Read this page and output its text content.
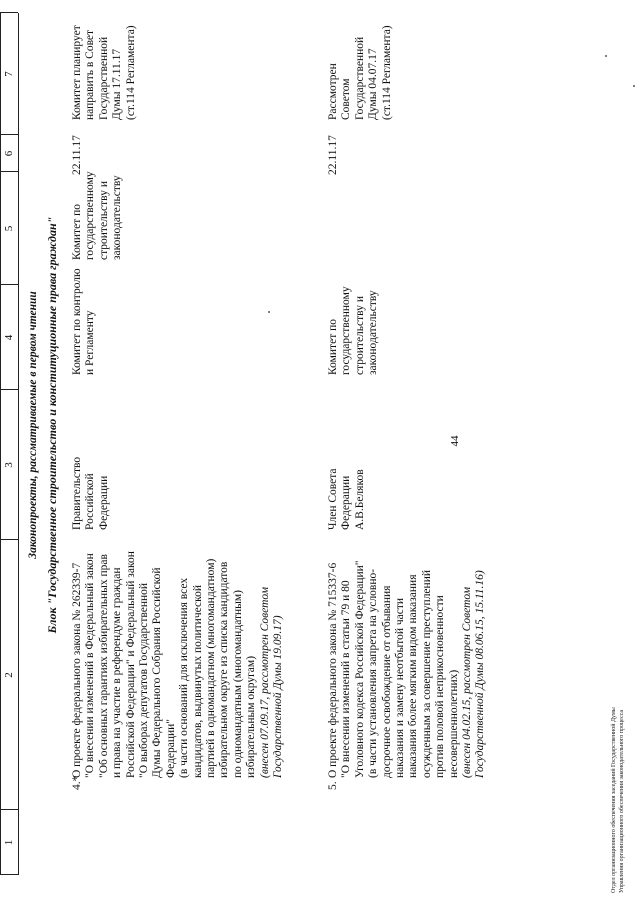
44
1
2
3
4
5
6
7
Законопроекты, рассматриваемые в первом чтении Блок "Государственное строительство и конституционные права граждан"
4.*
О проекте федерального закона № 262339-7 "О внесении изменений в Федеральный закон "Об основных гарантиях избирательных прав и права на участие в референдуме граждан Российской Федерации" и Федеральный закон "О выборах депутатов Государственной Думы Федерального Собрания Российской Федерации" (в части оснований для исключения всех кандидатов, выдвинутых политической партией в одномандатном (многомандатном) избирательном округе из списка кандидатов по одномандатным (многомандатным) избирательным округам) (внесен 07.09.17, рассмотрен Советом Государственной Думы 19.09.17)
Правительство Российской Федерации
Комитет по контролю и Регламенту
Комитет по государственному строительству и законодательству
22.11.17
Комитет планирует направить в Совет Государственной Думы 17.11.17 (ст.114 Регламента)
5.
О проекте федерального закона № 715337-6 "О внесении изменений в статьи 79 и 80 Уголовного кодекса Российской Федерации" (в части установления запрета на условно- досрочное освобождение от отбывания наказания и замену неотбытой части наказания более мягким видом наказания осужденным за совершение преступлений против половой неприкосновенности несовершеннолетних) (внесен 04.02.15, рассмотрен Советом Государственной Думы 08.06.15, 15.11.16)
Член Совета Федерации А.В.Беляков
Комитет по государственному строительству и законодательству
22.11.17
Рассмотрен Советом Государственной Думы 04.07.17 (ст.114 Регламента)
Отдел организационного обеспечения заседаний Государственной Думы Управления организационного обеспечения законодательного процесса
